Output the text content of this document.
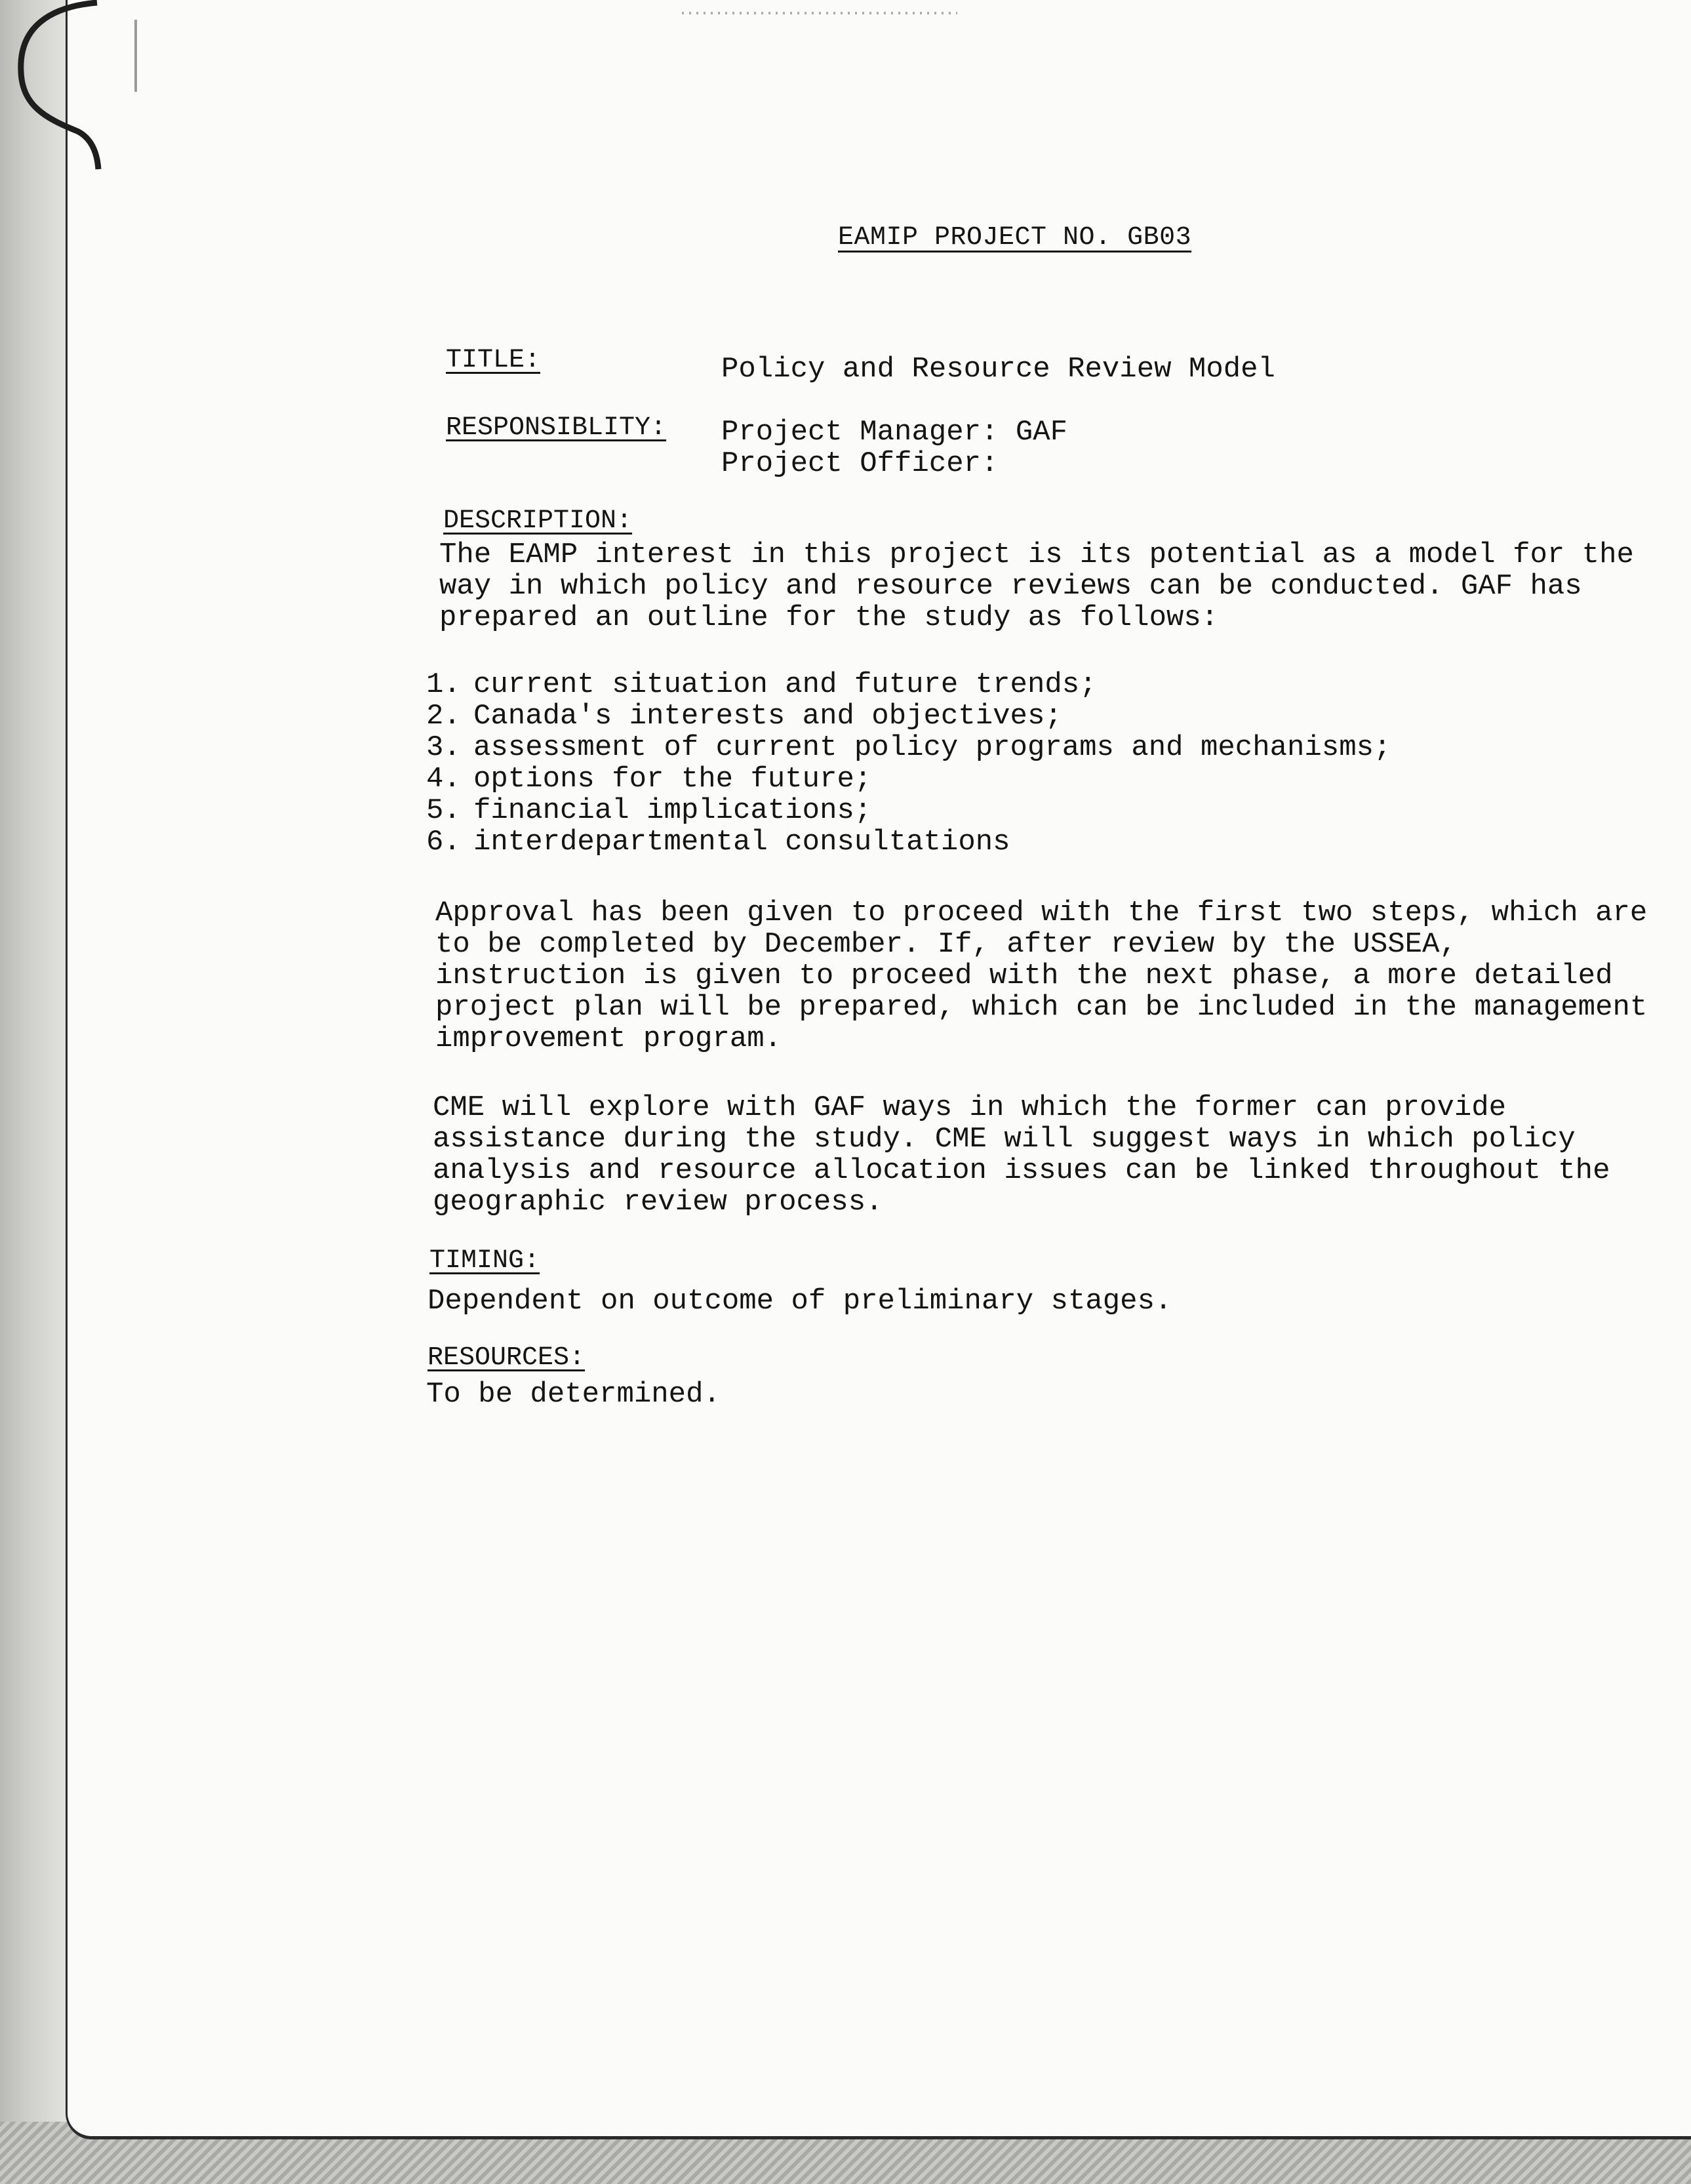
EAMIP PROJECT NO. GB03
TITLE:	Policy and Resource Review Model
RESPONSIBLITY: Project Manager: GAF
Project Officer:
DESCRIPTION:
The EAMP interest in this project is its potential as a model for the
way in which policy and resource reviews can be conducted. GAF has
prepared an outline for the study as follows:
1. current situation and future trends;
2. Canada's interests and objectives;
3. assessment of current policy programs and mechanisms;
4. options for the future;
5. financial implications;
6. interdepartmental consultations
Approval has been given to proceed with the first two steps, which are
to be completed by December. If, after review by the USSEA,
instruction is given to proceed with the next phase, a more detailed
project plan will be prepared, which can be included in the management
improvement program.
CME will explore with GAF ways in which the former can provide
assistance during the study. CME will suggest ways in which policy
analysis and resource allocation issues can be linked throughout the
geographic review process.
TIMING:
Dependent on outcome of preliminary stages.
RESOURCES:
To be determined.
